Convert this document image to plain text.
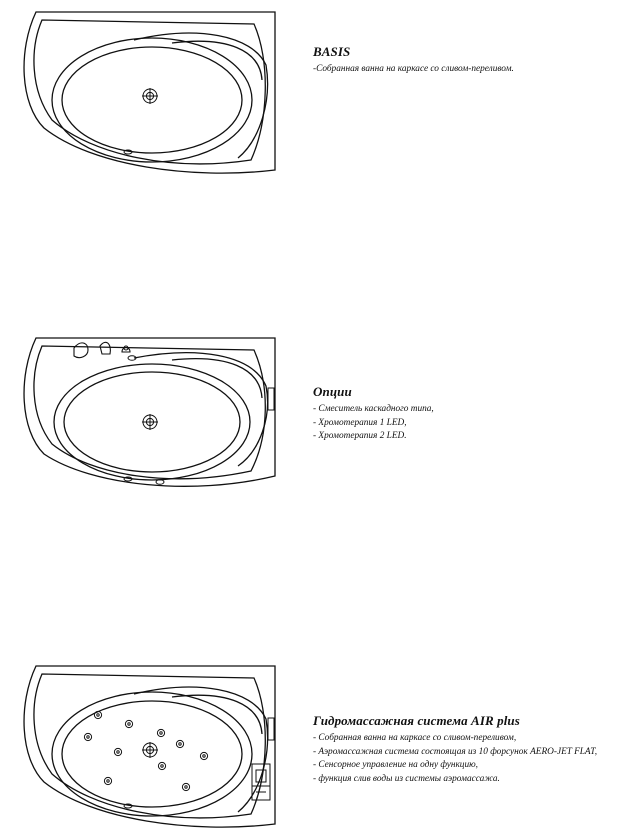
BASIS
-Собранная ванна на каркасе со сливом-переливом.
Опции
- Смеситель каскадного типа,
- Хромотерапия 1 LED,
- Хромотерапия 2 LED.
Гидромассажная система AIR plus
- Собранная ванна на каркасе со сливом-переливом,
- Аэромассажная система состоящая из 10 форсунок AERO-JET FLAT,
- Сенсорное управление на одну функцию,
- функция слив воды из системы аэромассажа.
